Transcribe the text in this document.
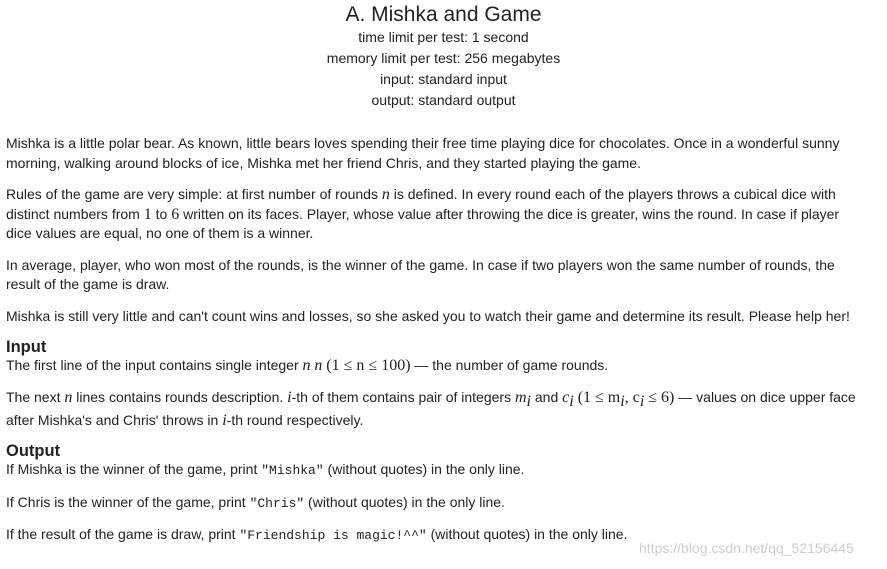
A. Mishka and Game
time limit per test: 1 second
memory limit per test: 256 megabytes
input: standard input
output: standard output

Mishka is a little polar bear. As known, little bears loves spending their free time playing dice for chocolates. Once in a wonderful sunny morning, walking around blocks of ice, Mishka met her friend Chris, and they started playing the game.

Rules of the game are very simple: at first number of rounds n is defined. In every round each of the players throws a cubical dice with distinct numbers from 1 to 6 written on its faces. Player, whose value after throwing the dice is greater, wins the round. In case if player dice values are equal, no one of them is a winner.

In average, player, who won most of the rounds, is the winner of the game. In case if two players won the same number of rounds, the result of the game is draw.

Mishka is still very little and can't count wins and losses, so she asked you to watch their game and determine its result. Please help her!

Input

The first line of the input contains single integer n n (1 ≤ n ≤ 100) — the number of game rounds.

The next n lines contains rounds description. i-th of them contains pair of integers $m_i$ and $c_i$ ($1 \le m_i$, $c_i \le 6$) — values on dice upper face after Mishka's and Chris' throws in i-th round respectively.

Output

If Mishka is the winner of the game, print "Mishka" (without quotes) in the only line.

If Chris is the winner of the game, print "Chris" (without quotes) in the only line.

If the result of the game is draw, print "Friendship is magic!^^" (without quotes) in the only line.

https://blog.csdn.net/qq_52156445
